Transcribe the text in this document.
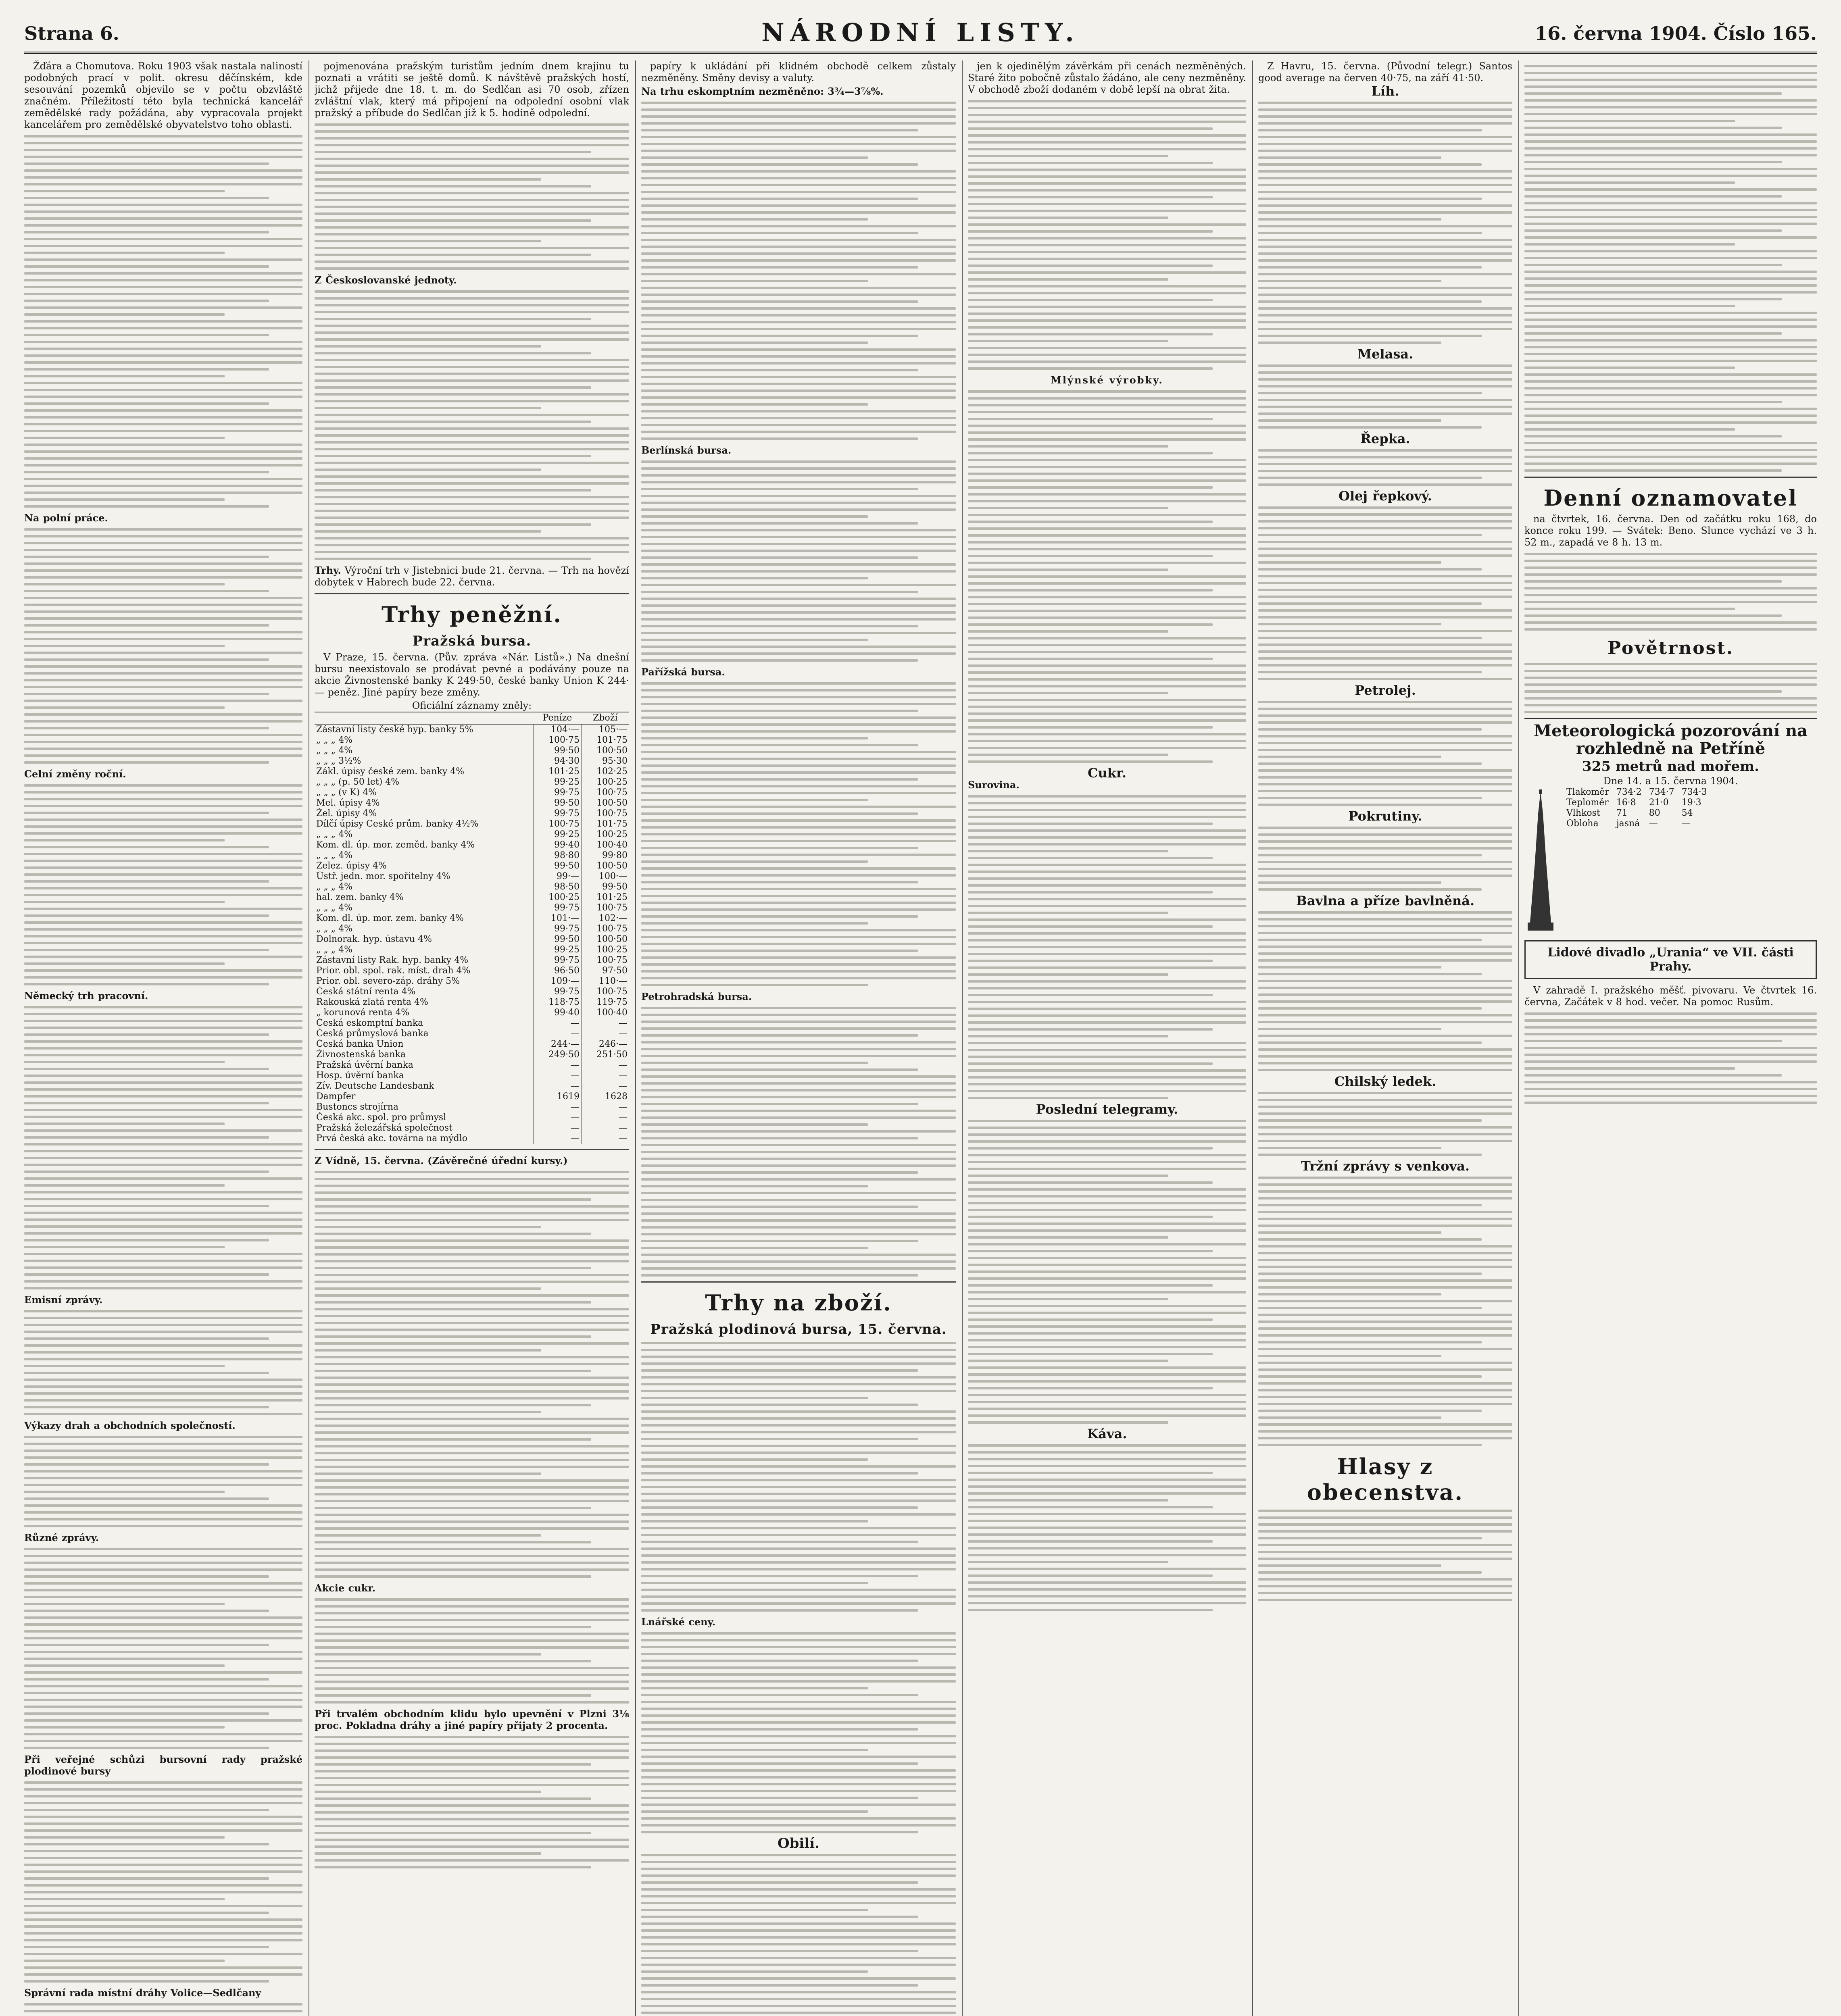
Strana 6.	NÁRODNÍ LISTY.	16. června 1904. Číslo 165.

Žďára a Chomutova. Roku 1903 však nastala naliností podobných prací v polit. okresu děčínském, kde sesouvání pozemků objevilo se v počtu obzvláště značném. Příležitostí této byla technická kancelář zemědělské rady požádána, aby vypracovala projekt kancelářem pro zemědělské obyvatelstvo toho oblasti.

Na polní práce.
Celní změny roční.
Německý trh pracovní.
Emisní zprávy.
Výkazy drah a obchodních společností.
Různé zprávy.
Při veřejné schůzi bursovní rady pražské plodinové bursy
Správní rada místní dráhy Volice—Sedlčany

pojmenována pražským turistům jedním dnem krajinu tu poznati a vrátiti se ještě domů. K návštěvě pražských hostí, jichž přijede dne 18. t. m. do Sedlčan asi 70 osob, zřízen zvláštní vlak, který má připojení na odpolední osobní vlak pražský a příbude do Sedlčan již k 5. hodině odpolední.

Z Českoslovanské jednoty.
Trhy. Výroční trh v Jistebnici bude 21. června. — Trh na hovězí dobytek v Habrech bude 22. června.
Trhy peněžní.
Pražská bursa.

V Praze, 15. června. (Pův. zpráva «Nár. Listů».) Na dnešní bursu neexistovalo se prodávat pevné a podávány pouze na akcie Živnostenské banky K 249·50, české banky Union K 244·— peněz. Jiné papíry beze změny.

Oficiální záznamy zněly:
	Peníze	Zboží
Zástavní listy české hyp. banky 5%	104·—	105·—
„ „ „ 4%	100·75	101·75
„ „ „ 4%	99·50	100·50
„ „ „ 3½%	94·30	95·30
Zákl. úpisy české zem. banky 4%	101·25	102·25
„ „ „ (p. 50 let) 4%	99·25	100·25
„ „ „ (v K) 4%	99·75	100·75
Mel. úpisy 4%	99·50	100·50
Žel. úpisy 4%	99·75	100·75
Dílčí úpisy České prům. banky 4½%	100·75	101·75
„ „ „ 4%	99·25	100·25
Kom. dl. úp. mor. zeměd. banky 4%	99·40	100·40
„ „ „ 4%	98·80	99·80
Želez. úpisy 4%	99·50	100·50
Ústř. jedn. mor. spořitelny 4%	99·—	100·—
„ „ „ 4%	98·50	99·50
hal. zem. banky 4%	100·25	101·25
„ „ „ 4%	99·75	100·75
Kom. dl. úp. mor. zem. banky 4%	101·—	102·—
„ „ „ 4%	99·75	100·75
Dolnorak. hyp. ústavu 4%	99·50	100·50
„ „ „ 4%	99·25	100·25
Zástavní listy Rak. hyp. banky 4%	99·75	100·75
Prior. obl. spol. rak. míst. drah 4%	96·50	97·50
Prior. obl. severo-záp. dráhy 5%	109·—	110·—
Česká státní renta 4%	99·75	100·75
Rakouská zlatá renta 4%	118·75	119·75
„ korunová renta 4%	99·40	100·40
Česká eskomptní banka	—	—
Česká průmyslová banka	—	—
Česká banka Union	244·—	246·—
Živnostenská banka	249·50	251·50
Pražská úvěrní banka	—	—
Hosp. úvěrní banka	—	—
Zív. Deutsche Landesbank	—	—
Dampfer	1619	1628
Bustoncs strojírna	—	—
Česká akc. spol. pro průmysl	—	—
Pražská železářská společnost	—	—
Prvá česká akc. továrna na mýdlo	—	—
Z Vídně, 15. června. (Závěrečné úřední kursy.)
Akcie cukr.
Při trvalém obchodním klidu bylo upevnění v Plzni 3⅛ proc. Pokladna dráhy a jiné papíry přijaty 2 procenta.

papíry k ukládání při klidném obchodě celkem zůstaly nezměněny. Směny devisy a valuty.

Na trhu eskomptním nezměněno: 3¾—3⅞%.
Berlínská bursa.
Pařížská bursa.
Petrohradská bursa.
Trhy na zboží.
Pražská plodinová bursa, 15. června.
Lnářské ceny.
Obilí.

jen k ojedinělým závěrkám při cenách nezměněných. Staré žito pobočně zůstalo žádáno, ale ceny nezměněny. V obchodě zboží dodaném v době lepší na obrat žita.

Mlýnské výrobky.
Cukr.
Surovina.
Poslední telegramy.
Káva.

Z Havru, 15. června. (Původní telegr.) Santos good average na červen 40·75, na září 41·50.

Líh.
Melasa.
Řepka.
Olej řepkový.
Petrolej.
Pokrutiny.
Bavlna a příze bavlněná.
Chilský ledek.
Tržní zprávy s venkova.
Hlasy z obecenstva.
Denní oznamovatel

na čtvrtek, 16. června. Den od začátku roku 168, do konce roku 199. — Svátek: Beno. Slunce vychází ve 3 h. 52 m., zapadá ve 8 h. 13 m.

Povětrnost.
Meteorologická pozorování na rozhledně na Petříně
325 metrů nad mořem.
Dne 14. a 15. června 1904.
Tlakoměr	734·2	734·7	734·3
Teploměr	16·8	21·0	19·3
Vlhkost	71	80	54
Obloha	jasná	—	—
Lidové divadlo „Urania“ ve VII. části Prahy.

V zahradě I. pražského měšť. pivovaru. Ve čtvrtek 16. června, Začátek v 8 hod. večer. Na pomoc Rusům.
